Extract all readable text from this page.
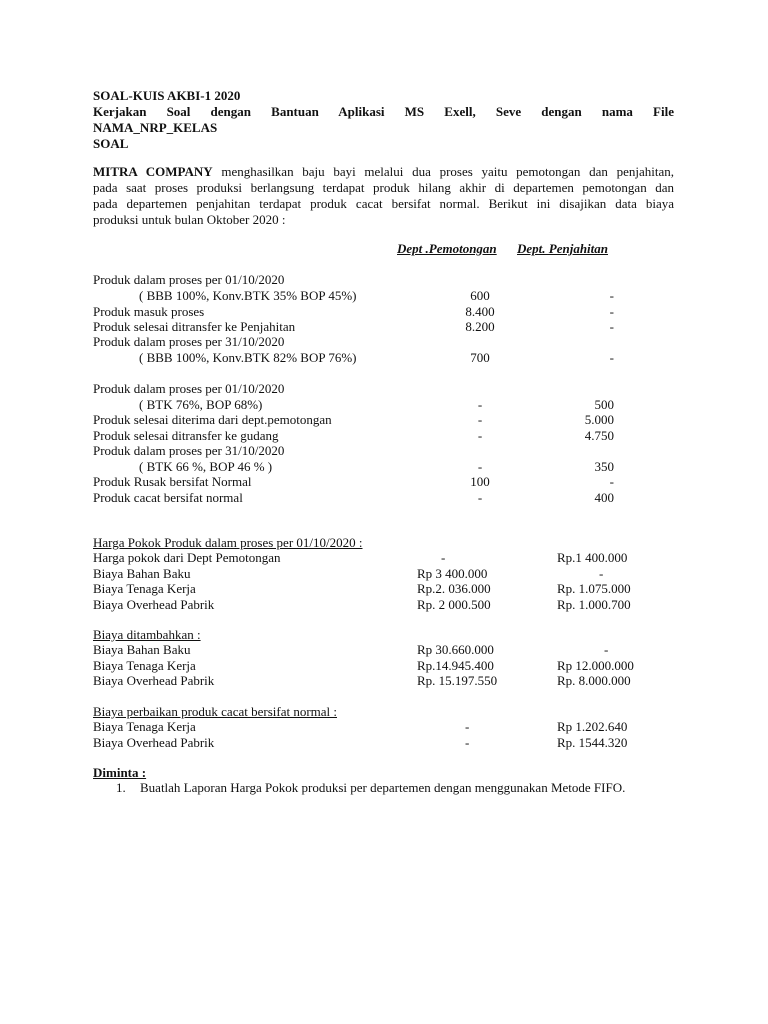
SOAL-KUIS AKBI-1 2020
Kerjakan Soal dengan Bantuan Aplikasi MS Exell, Seve dengan nama File
NAMA_NRP_KELAS
SOAL
MITRA COMPANY menghasilkan baju bayi melalui dua proses yaitu pemotongan dan penjahitan,
pada saat proses produksi berlangsung terdapat produk hilang akhir di departemen pemotongan dan
pada departemen penjahitan terdapat produk cacat bersifat normal. Berikut ini disajikan data biaya
produksi untuk bulan Oktober 2020 :
Dept .Pemotongan Dept. Penjahitan
Produk dalam proses per 01/10/2020
( BBB 100%, Konv.BTK 35% BOP 45%)	600	-
Produk masuk proses	8.400	-
Produk selesai ditransfer ke Penjahitan	8.200	-
Produk dalam proses per 31/10/2020
( BBB 100%, Konv.BTK 82% BOP 76%)	700	-
Produk dalam proses per 01/10/2020
( BTK 76%, BOP 68%)	-	500
Produk selesai diterima dari dept.pemotongan	-	5.000
Produk selesai ditransfer ke gudang	-	4.750
Produk dalam proses per 31/10/2020
( BTK 66 %, BOP 46 % )	-	350
Produk Rusak bersifat Normal	100	-
Produk cacat bersifat normal	-	400
Harga Pokok Produk dalam proses per 01/10/2020 :
Harga pokok dari Dept Pemotongan	-	Rp.1 400.000
Biaya Bahan Baku	Rp 3 400.000	-
Biaya Tenaga Kerja	Rp.2. 036.000	Rp. 1.075.000
Biaya Overhead Pabrik	Rp. 2 000.500	Rp. 1.000.700
Biaya ditambahkan :
Biaya Bahan Baku	Rp 30.660.000	-
Biaya Tenaga Kerja	Rp.14.945.400	Rp 12.000.000
Biaya Overhead Pabrik	Rp. 15.197.550	Rp. 8.000.000
Biaya perbaikan produk cacat bersifat normal :
Biaya Tenaga Kerja	-	Rp 1.202.640
Biaya Overhead Pabrik	-	Rp. 1544.320
Diminta :
1. Buatlah Laporan Harga Pokok produksi per departemen dengan menggunakan Metode FIFO.
